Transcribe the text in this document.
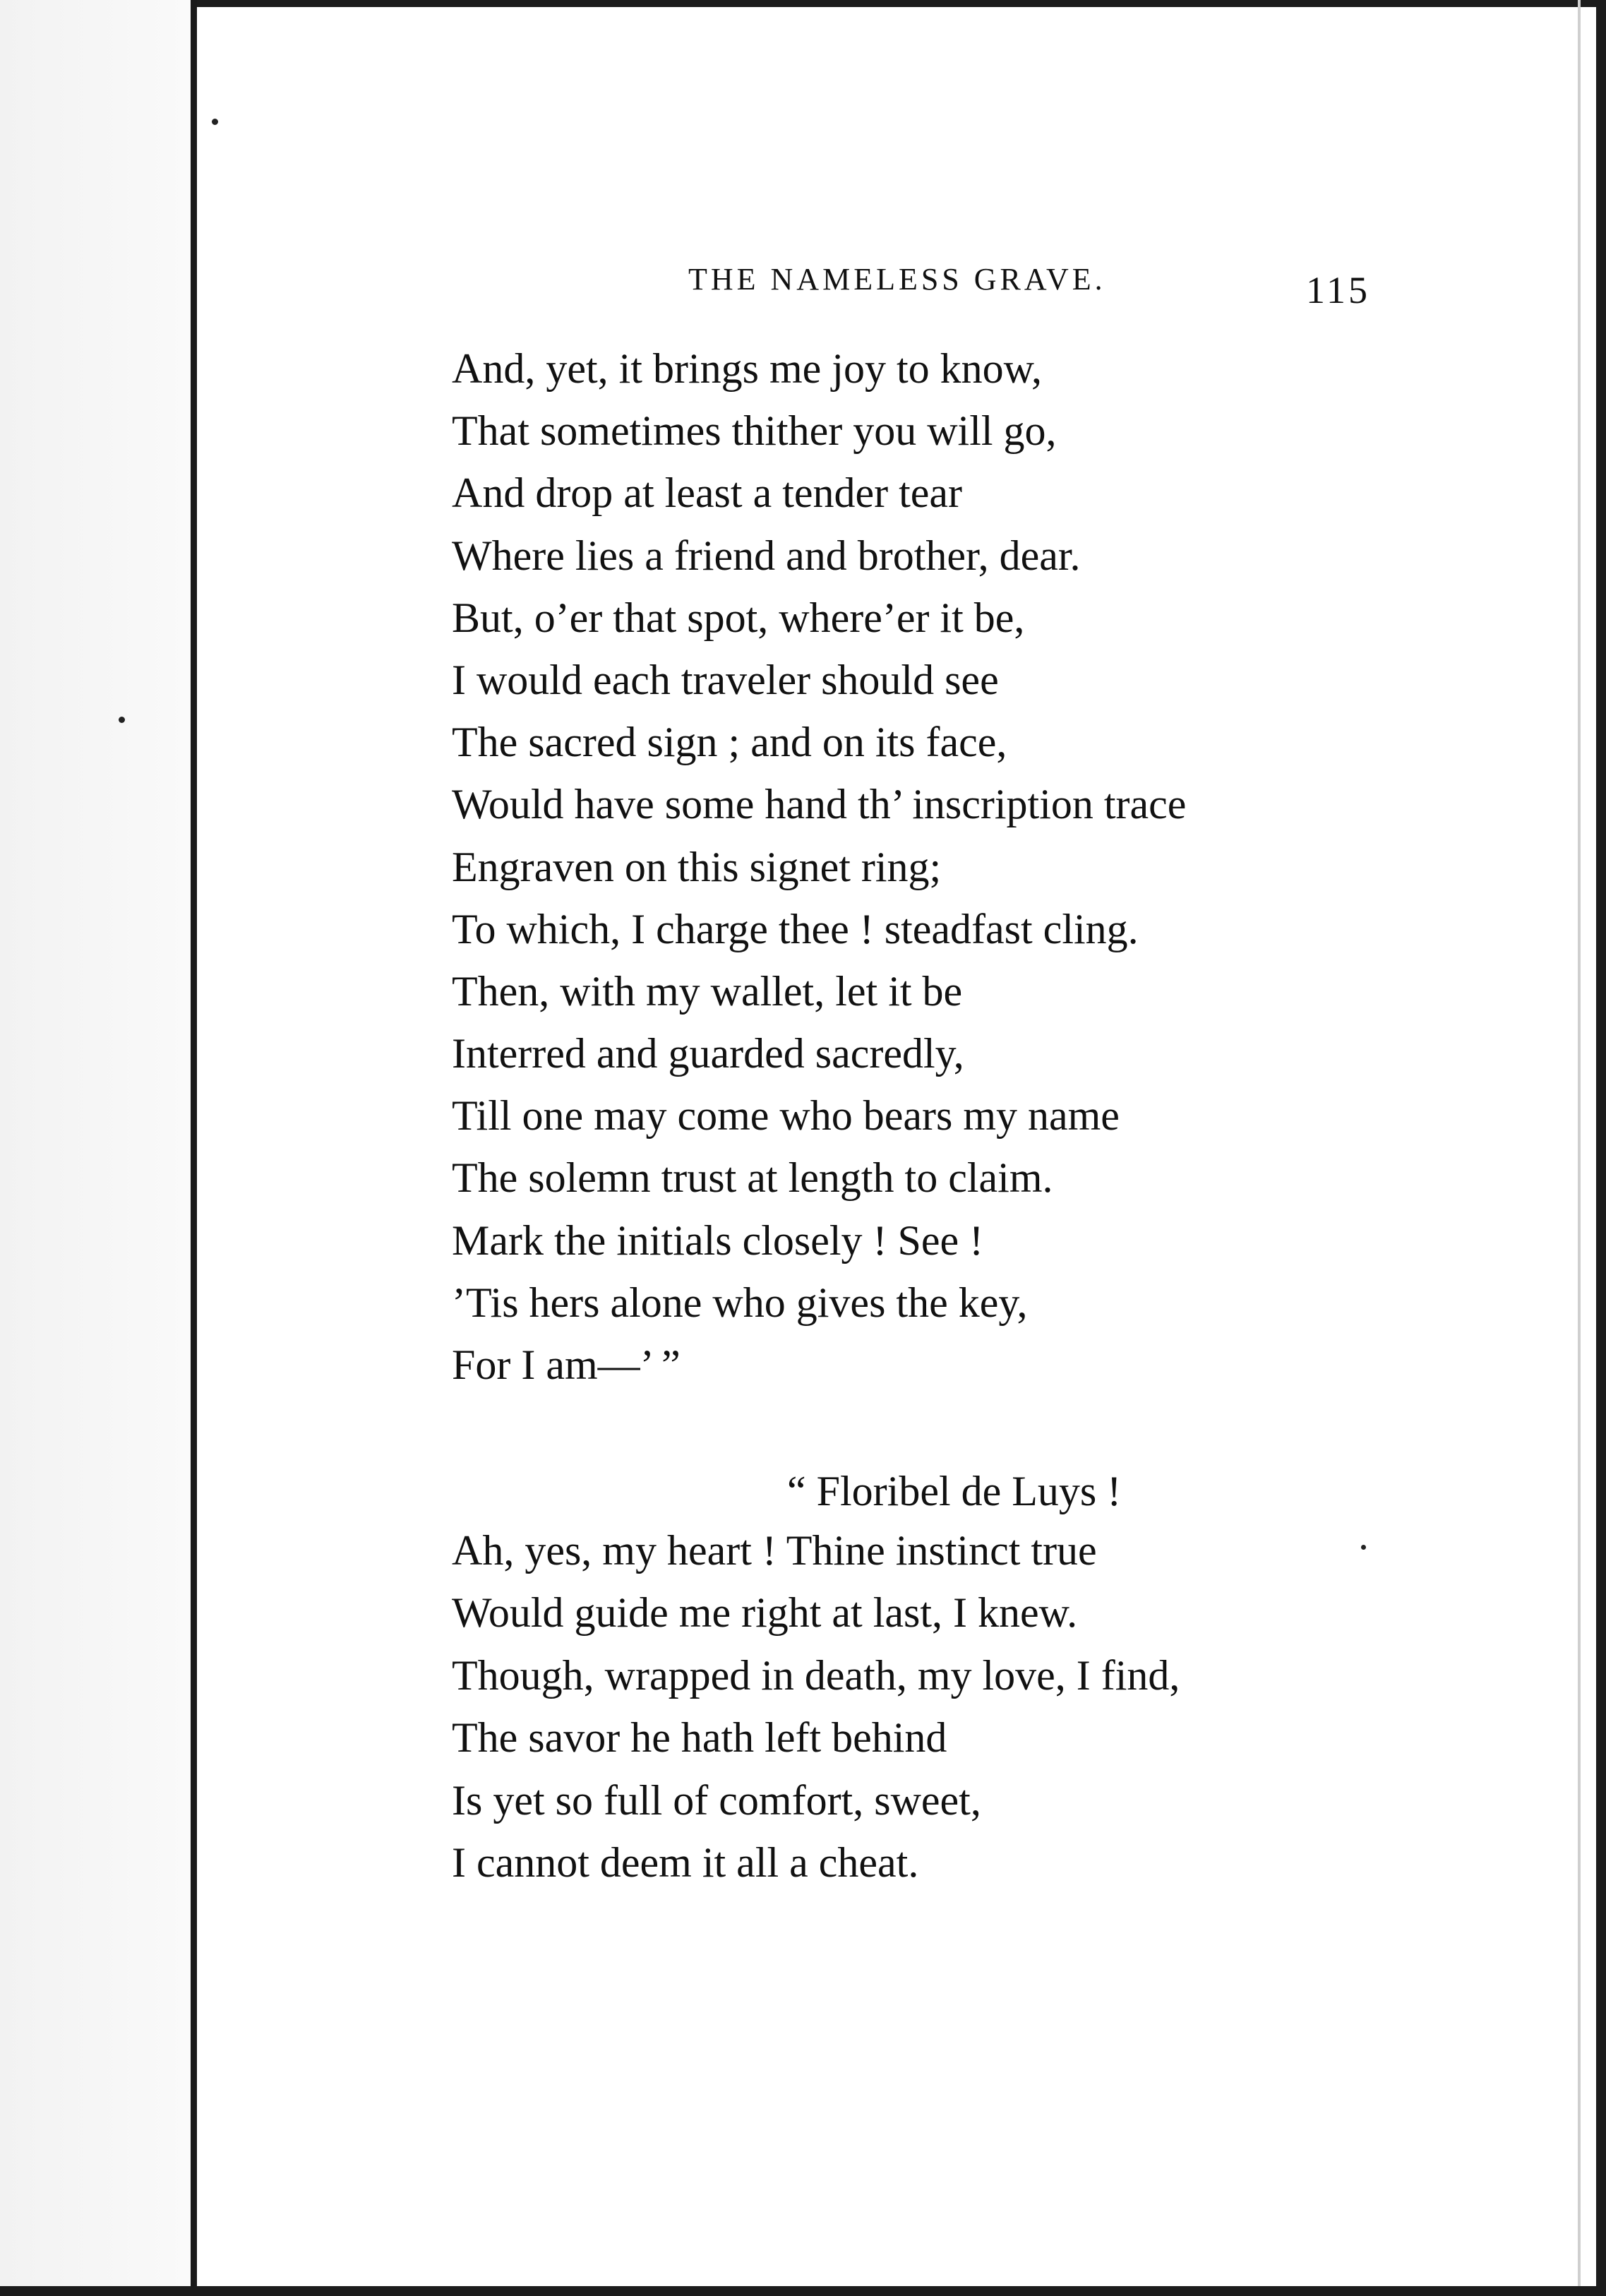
THE NAMELESS GRAVE.	115
And, yet, it brings me joy to know,
That sometimes thither you will go,
And drop at least a tender tear
Where lies a friend and brother, dear.
But, o’er that spot, where’er it be,
I would each traveler should see
The sacred sign ; and on its face,
Would have some hand th’ inscription trace
Engraven on this signet ring;
To which, I charge thee ! steadfast cling.
Then, with my wallet, let it be
Interred and guarded sacredly,
Till one may come who bears my name
The solemn trust at length to claim.
Mark the initials closely ! See !
’Tis hers alone who gives the key,
For I am—’ ”
“ Floribel de Luys !
Ah, yes, my heart ! Thine instinct true
Would guide me right at last, I knew.
Though, wrapped in death, my love, I find,
The savor he hath left behind
Is yet so full of comfort, sweet,
I cannot deem it all a cheat.
